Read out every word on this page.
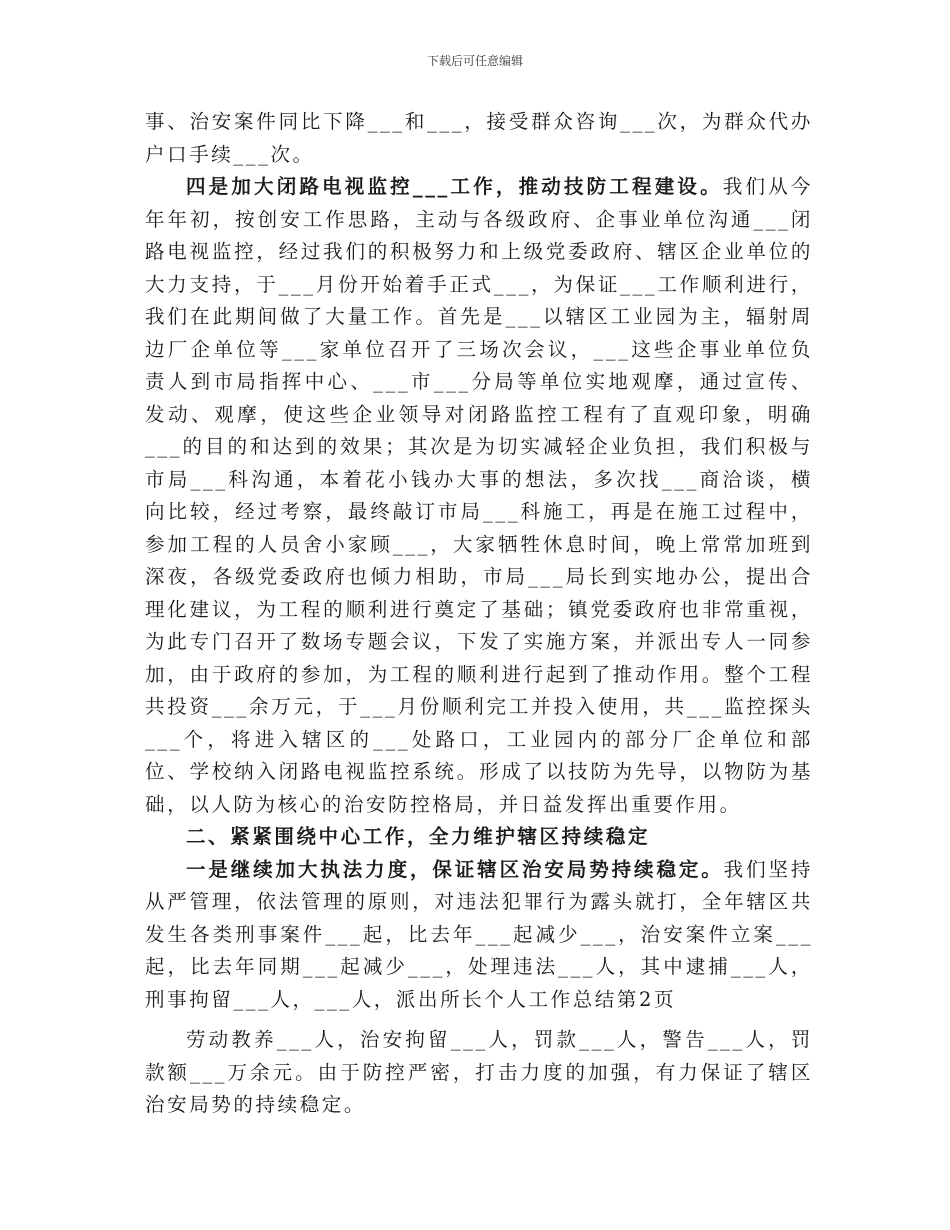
下载后可任意编辑

事、治安案件同比下降___和___，接受群众咨询___次，为群众代办户口手续___次。

四是加大闭路电视监控___工作，推动技防工程建设。我们从今年年初，按创安工作思路，主动与各级政府、企事业单位沟通___闭路电视监控，经过我们的积极努力和上级党委政府、辖区企业单位的大力支持，于___月份开始着手正式___，为保证___工作顺利进行，我们在此期间做了大量工作。首先是___以辖区工业园为主，辐射周边厂企单位等___家单位召开了三场次会议，___这些企事业单位负责人到市局指挥中心、___市___分局等单位实地观摩，通过宣传、发动、观摩，使这些企业领导对闭路监控工程有了直观印象，明确___的目的和达到的效果；其次是为切实减轻企业负担，我们积极与市局___科沟通，本着花小钱办大事的想法，多次找___商洽谈，横向比较，经过考察，最终敲订市局___科施工，再是在施工过程中，参加工程的人员舍小家顾___，大家牺牲休息时间，晚上常常加班到深夜，各级党委政府也倾力相助，市局___局长到实地办公，提出合理化建议，为工程的顺利进行奠定了基础；镇党委政府也非常重视，为此专门召开了数场专题会议，下发了实施方案，并派出专人一同参加，由于政府的参加，为工程的顺利进行起到了推动作用。整个工程共投资___余万元，于___月份顺利完工并投入使用，共___监控探头___个，将进入辖区的___处路口，工业园内的部分厂企单位和部位、学校纳入闭路电视监控系统。形成了以技防为先导，以物防为基础，以人防为核心的治安防控格局，并日益发挥出重要作用。

二、紧紧围绕中心工作，全力维护辖区持续稳定

一是继续加大执法力度，保证辖区治安局势持续稳定。我们坚持从严管理，依法管理的原则，对违法犯罪行为露头就打，全年辖区共发生各类刑事案件___起，比去年___起减少___，治安案件立案___起，比去年同期___起减少___，处理违法___人，其中逮捕___人，刑事拘留___人，___人，派出所长个人工作总结第2页

劳动教养___人，治安拘留___人，罚款___人，警告___人，罚款额___万余元。由于防控严密，打击力度的加强，有力保证了辖区治安局势的持续稳定。
